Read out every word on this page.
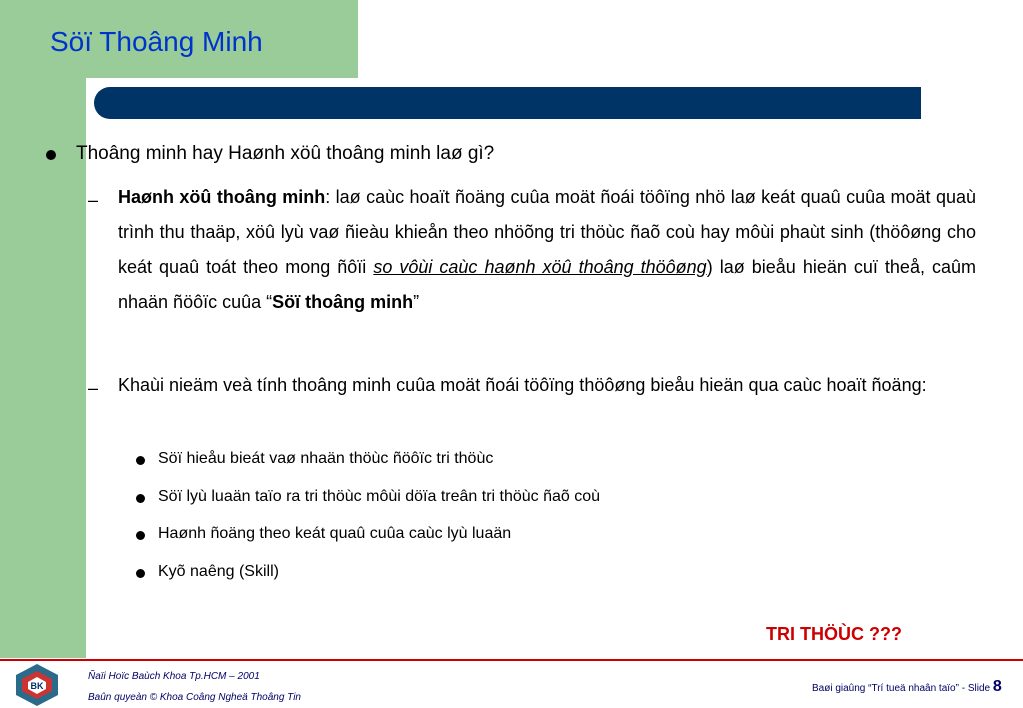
Söï Thoâng Minh
Thoâng minh hay Haønh xöû thoâng minh laø gì?
– Haønh xöû thoâng minh: laø caùc hoaït ñoäng cuûa moät ñoái töôïng nhö laø keát quaû cuûa moät quaù trình thu thaäp, xöû lyù vaø ñieàu khieån theo nhöõng tri thöùc ñaõ coù hay môùi phaùt sinh (thöôøng cho keát quaû toát theo mong ñôïi so vôùi caùc haønh xöû thoâng thöôøng) laø bieåu hieän cuï theå, caûm nhaän ñöôïc cuûa “Söï thoâng minh”
– Khaùi nieäm veà tính thoâng minh cuûa moät ñoái töôïng thöôøng bieåu hieän qua caùc hoaït ñoäng:
Söï hieåu bieát vaø nhaän thöùc ñöôïc tri thöùc
Söï lyù luaän taïo ra tri thöùc môùi döïa treân tri thöùc ñaõ coù
Haønh ñoäng theo keát quaû cuûa caùc lyù luaän
Kyõ naêng (Skill)
TRI THÖÙC ???
BK
Ñaïi Hoïc Baùch Khoa Tp.HCM – 2001
Baûn quyeàn © Khoa Coâng Ngheä Thoâng Tin
Baøi giaûng “Trí tueä nhaân taïo” - Slide 8
